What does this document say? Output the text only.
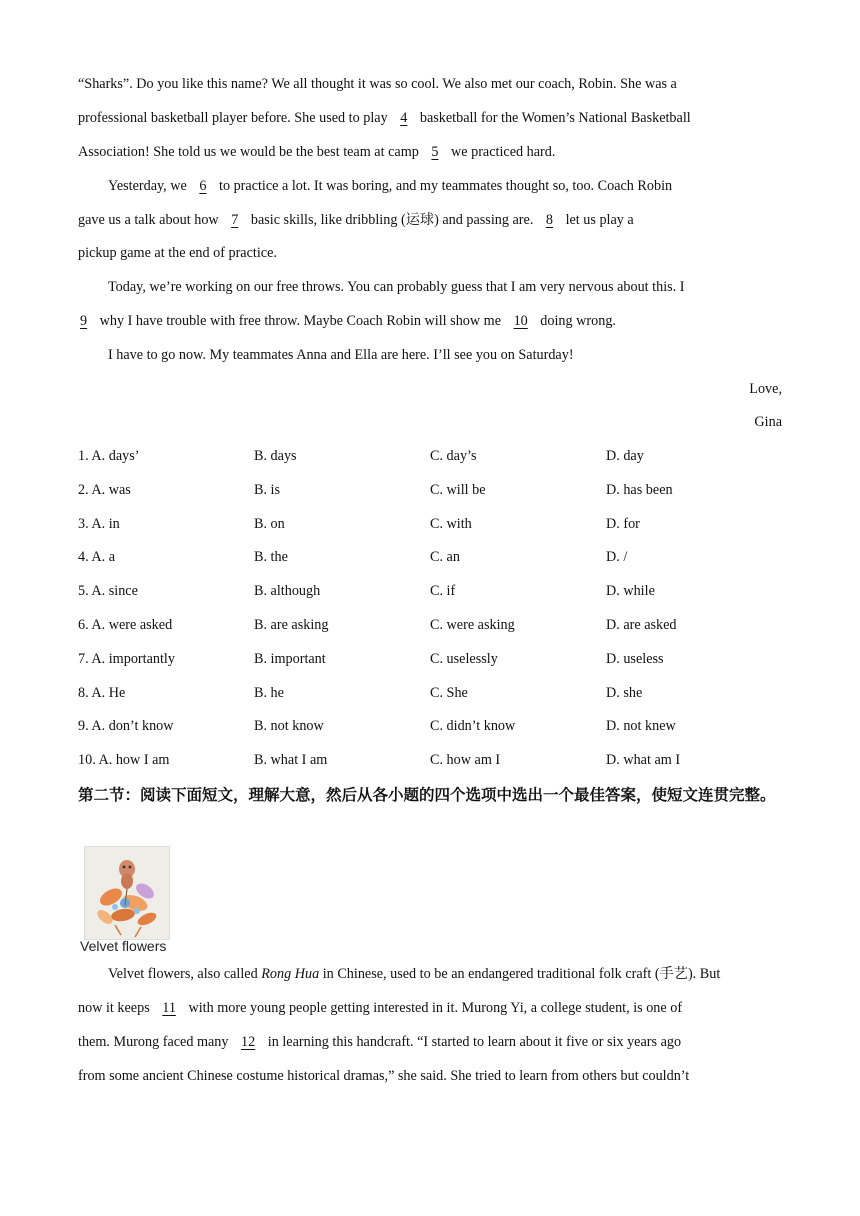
“Sharks”. Do you like this name? We all thought it was so cool. We also met our coach, Robin. She was a
professional basketball player before. She used to play 4 basketball for the Women’s National Basketball
Association! She told us we would be the best team at camp 5 we practiced hard.
Yesterday, we 6 to practice a lot. It was boring, and my teammates thought so, too. Coach Robin
gave us a talk about how 7 basic skills, like dribbling (运球) and passing are. 8 let us play a
pickup game at the end of practice.
Today, we’re working on our free throws. You can probably guess that I am very nervous about this. I
9 why I have trouble with free throw. Maybe Coach Robin will show me 10 doing wrong.
I have to go now. My teammates Anna and Ella are here. I’ll see you on Saturday!
Love,
Gina
1. A. days’	B. days	C. day’s	D. day
2. A. was	B. is	C. will be	D. has been
3. A. in	B. on	C. with	D. for
4. A. a	B. the	C. an	D. /
5. A. since	B. although	C. if	D. while
6. A. were asked	B. are asking	C. were asking	D. are asked
7. A. importantly	B. important	C. uselessly	D. useless
8. A. He	B. he	C. She	D. she
9. A. don’t know	B. not know	C. didn’t know	D. not knew
10. A. how I am	B. what I am	C. how am I	D. what am I
第二节：阅读下面短文，理解大意，然后从各小题的四个选项中选出一个最佳答案，使短文连贯完整。
Velvet flowers
Velvet flowers, also called Rong Hua in Chinese, used to be an endangered traditional folk craft (手艺). But
now it keeps 11 with more young people getting interested in it. Murong Yi, a college student, is one of
them. Murong faced many 12 in learning this handcraft. “I started to learn about it five or six years ago
from some ancient Chinese costume historical dramas,” she said. She tried to learn from others but couldn’t
